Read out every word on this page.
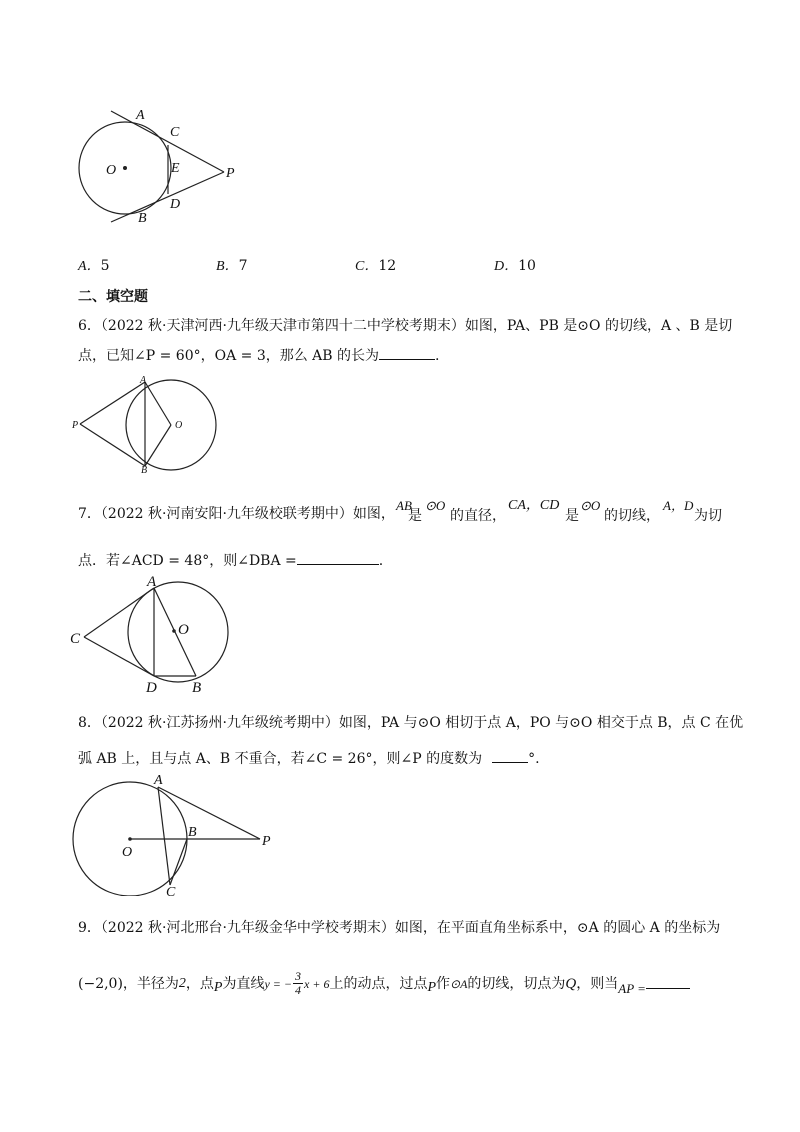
A
C
O	E	P
B
D
A．5	B．7	C．12	D．10
二、填空题
6．（2022 秋·天津河西·九年级天津市第四十二中学校考期末）如图，PA、PB 是⊙O 的切线，A 、B 是切
点，已知∠P = 60°，OA = 3，那么 AB 的长为	.
A
P	O
B
7．（2022 秋·河南安阳·九年级校联考期中）如图，
AB
是
⊙O
的直径，
CA，CD
是
⊙O
的切线，
A，D
为切
点．若∠ACD = 48°，则∠DBA =	.
A
C
O
D B
8．（2022 秋·江苏扬州·九年级统考期中）如图，PA 与⊙O 相切于点 A，PO 与⊙O 相交于点 B，点 C 在优
弧 AB 上，且与点 A、B 不重合，若∠C = 26°，则∠P 的度数为	°.
A
O
B
P
C
9．（2022 秋·河北邢台·九年级金华中学校考期末）如图，在平面直角坐标系中，⊙A 的圆心 A 的坐标为
(−2,0) ，半径为 2 ，点 P 为直线 y = − $\frac{3}{4}$ x + 6 上的动点，过点 P 作 ⊙A 的切线，切点为 Q ，则当 AP =
